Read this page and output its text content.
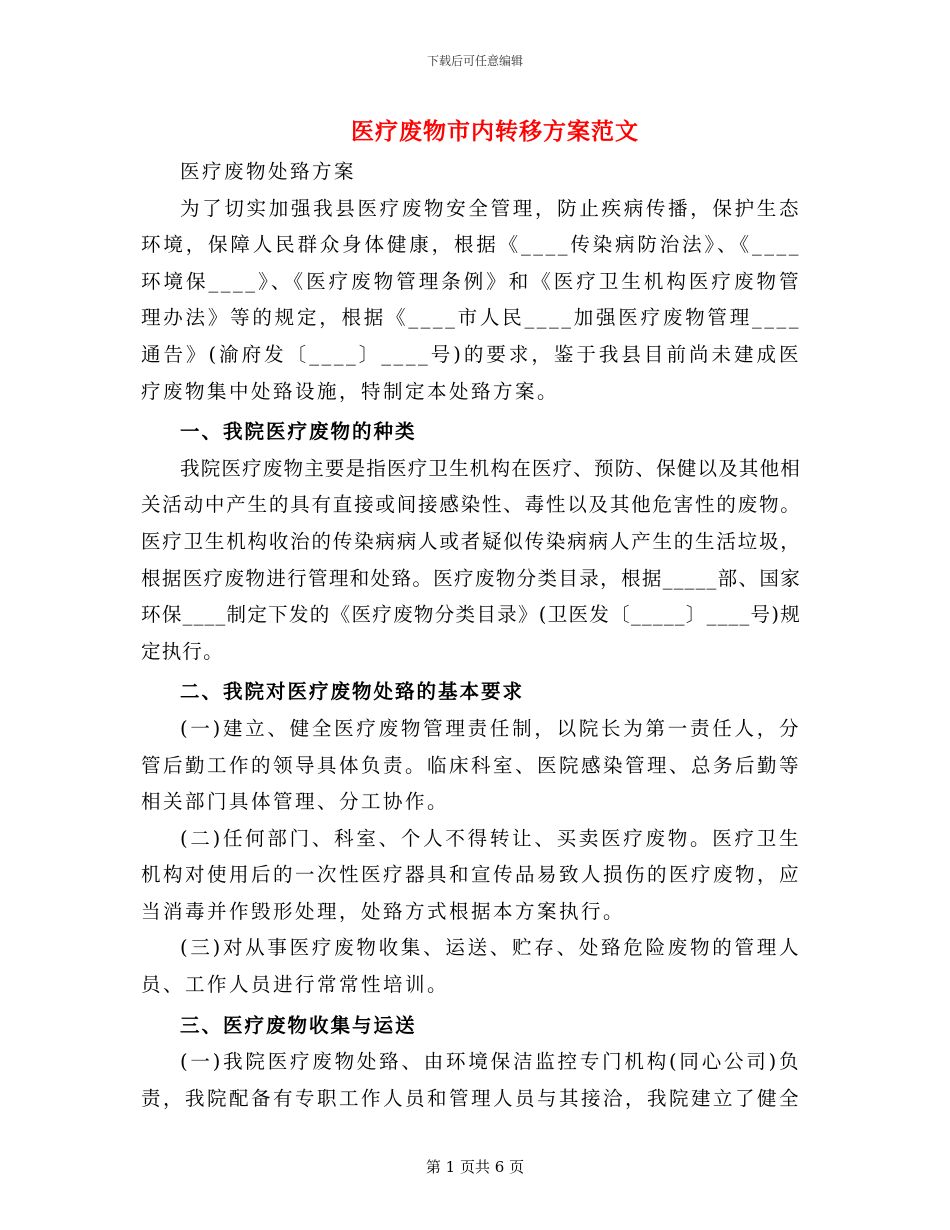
下载后可任意编辑
医疗废物市内转移方案范文

医疗废物处臵方案

为了切实加强我县医疗废物安全管理，防止疾病传播，保护生态环境，保障人民群众身体健康，根据《____传染病防治法》、《____环境保____》、《医疗废物管理条例》和《医疗卫生机构医疗废物管理办法》等的规定，根据《____市人民____加强医疗废物管理____通告》(渝府发〔____〕____号)的要求，鉴于我县目前尚未建成医疗废物集中处臵设施，特制定本处臵方案。

一、我院医疗废物的种类

我院医疗废物主要是指医疗卫生机构在医疗、预防、保健以及其他相关活动中产生的具有直接或间接感染性、毒性以及其他危害性的废物。医疗卫生机构收治的传染病病人或者疑似传染病病人产生的生活垃圾，根据医疗废物进行管理和处臵。医疗废物分类目录，根据_____部、国家环保____制定下发的《医疗废物分类目录》(卫医发〔_____〕____号)规定执行。

二、我院对医疗废物处臵的基本要求

(一)建立、健全医疗废物管理责任制，以院长为第一责任人，分管后勤工作的领导具体负责。临床科室、医院感染管理、总务后勤等相关部门具体管理、分工协作。

(二)任何部门、科室、个人不得转让、买卖医疗废物。医疗卫生机构对使用后的一次性医疗器具和宣传品易致人损伤的医疗废物，应当消毒并作毁形处理，处臵方式根据本方案执行。

(三)对从事医疗废物收集、运送、贮存、处臵危险废物的管理人员、工作人员进行常常性培训。

三、医疗废物收集与运送

(一)我院医疗废物处臵、由环境保洁监控专门机构(同心公司)负责，我院配备有专职工作人员和管理人员与其接洽，我院建立了健全

第 1 页共 6 页
